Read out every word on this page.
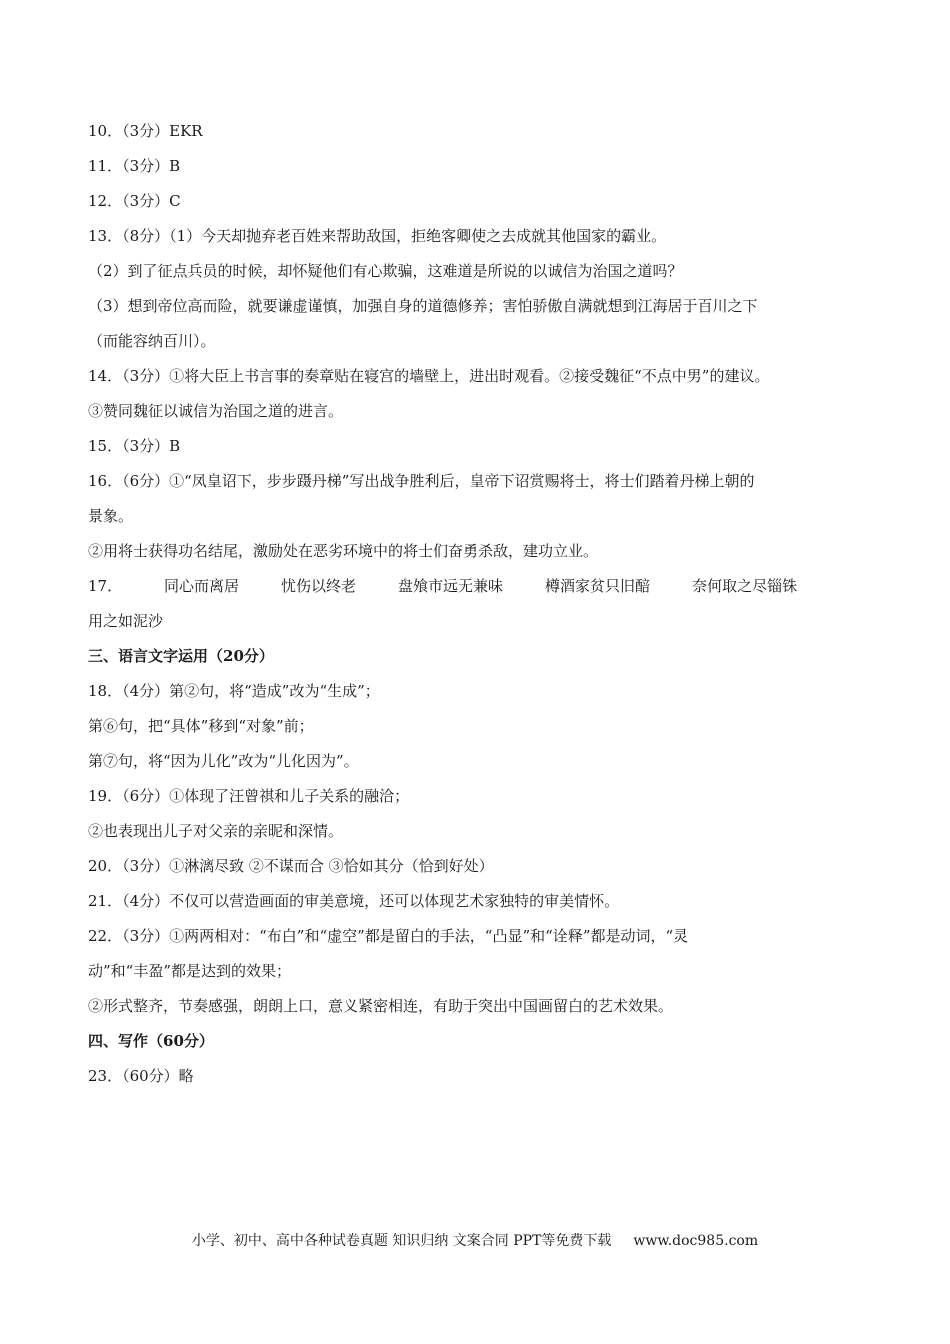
10．（3分）EKR
11．（3分）B
12．（3分）C
13．（8分）（1）今天却抛弃老百姓来帮助敌国，拒绝客卿使之去成就其他国家的霸业。
（2）到了征点兵员的时候，却怀疑他们有心欺骗，这难道是所说的以诚信为治国之道吗？
（3）想到帝位高而险，就要谦虚谨慎，加强自身的道德修养；害怕骄傲自满就想到江海居于百川之下
（而能容纳百川）。
14．（3分）①将大臣上书言事的奏章贴在寝宫的墙壁上，进出时观看。②接受魏征“不点中男”的建议。
③赞同魏征以诚信为治国之道的进言。
15．（3分）B
16．（6分）①“凤皇诏下，步步蹑丹梯”写出战争胜利后，皇帝下诏赏赐将士，将士们踏着丹梯上朝的
景象。
②用将士获得功名结尾，激励处在恶劣环境中的将士们奋勇杀敌，建功立业。
17．	同心而离居	忧伤以终老	盘飧市远无兼味	樽酒家贫只旧醅	奈何取之尽锱铢
用之如泥沙
三、语言文字运用（20分）
18．（4分）第②句，将“造成”改为“生成”；
第⑥句，把“具体”移到“对象”前；
第⑦句，将“因为儿化”改为“儿化因为”。
19．（6分）①体现了汪曾祺和儿子关系的融洽；
②也表现出儿子对父亲的亲昵和深情。
20．（3分）①淋漓尽致 ②不谋而合 ③恰如其分（恰到好处）
21．（4分）不仅可以营造画面的审美意境，还可以体现艺术家独特的审美情怀。
22．（3分）①两两相对：“布白”和“虚空”都是留白的手法，“凸显”和“诠释”都是动词，“灵
动”和“丰盈”都是达到的效果；
②形式整齐，节奏感强，朗朗上口，意义紧密相连，有助于突出中国画留白的艺术效果。
四、写作（60分）
23．（60分）略
小学、初中、高中各种试卷真题 知识归纳 文案合同 PPT等免费下载 www.doc985.com
